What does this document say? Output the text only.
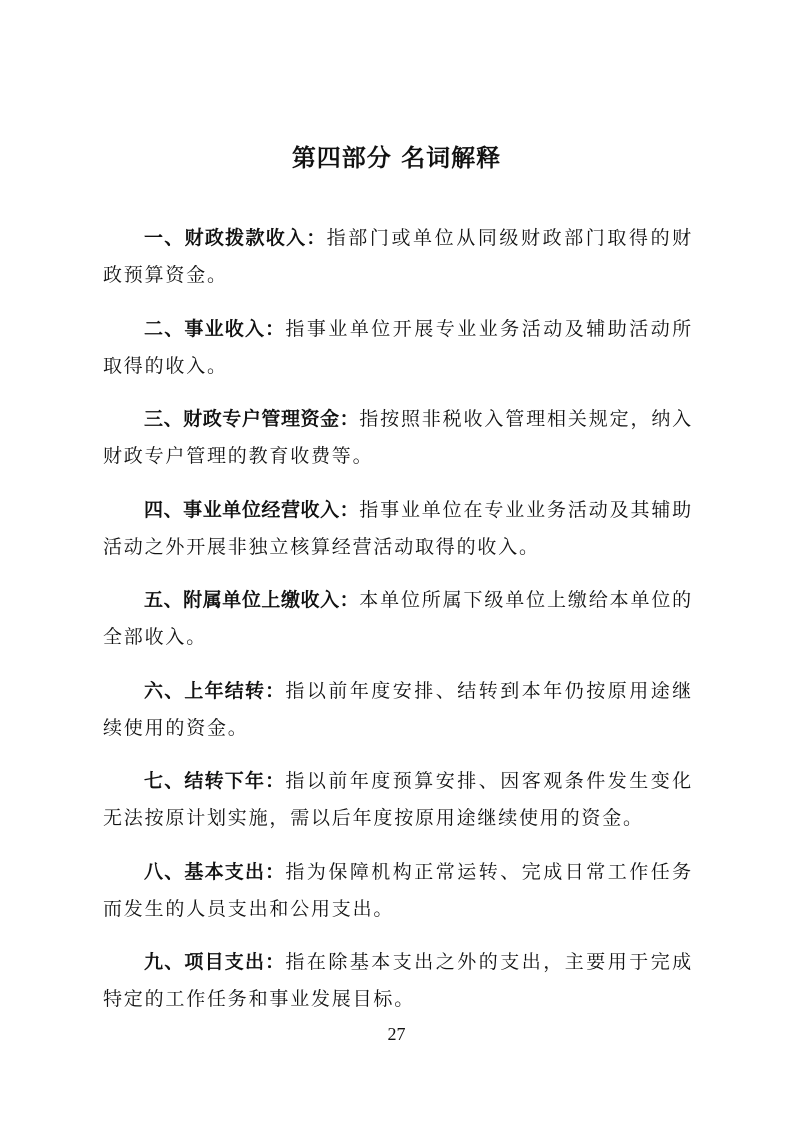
第四部分 名词解释

一、财政拨款收入：指部门或单位从同级财政部门取得的财政预算资金。

二、事业收入：指事业单位开展专业业务活动及辅助活动所取得的收入。

三、财政专户管理资金：指按照非税收入管理相关规定，纳入财政专户管理的教育收费等。

四、事业单位经营收入：指事业单位在专业业务活动及其辅助活动之外开展非独立核算经营活动取得的收入。

五、附属单位上缴收入：本单位所属下级单位上缴给本单位的全部收入。

六、上年结转：指以前年度安排、结转到本年仍按原用途继续使用的资金。

七、结转下年：指以前年度预算安排、因客观条件发生变化无法按原计划实施，需以后年度按原用途继续使用的资金。

八、基本支出：指为保障机构正常运转、完成日常工作任务而发生的人员支出和公用支出。

九、项目支出：指在除基本支出之外的支出，主要用于完成特定的工作任务和事业发展目标。

27
